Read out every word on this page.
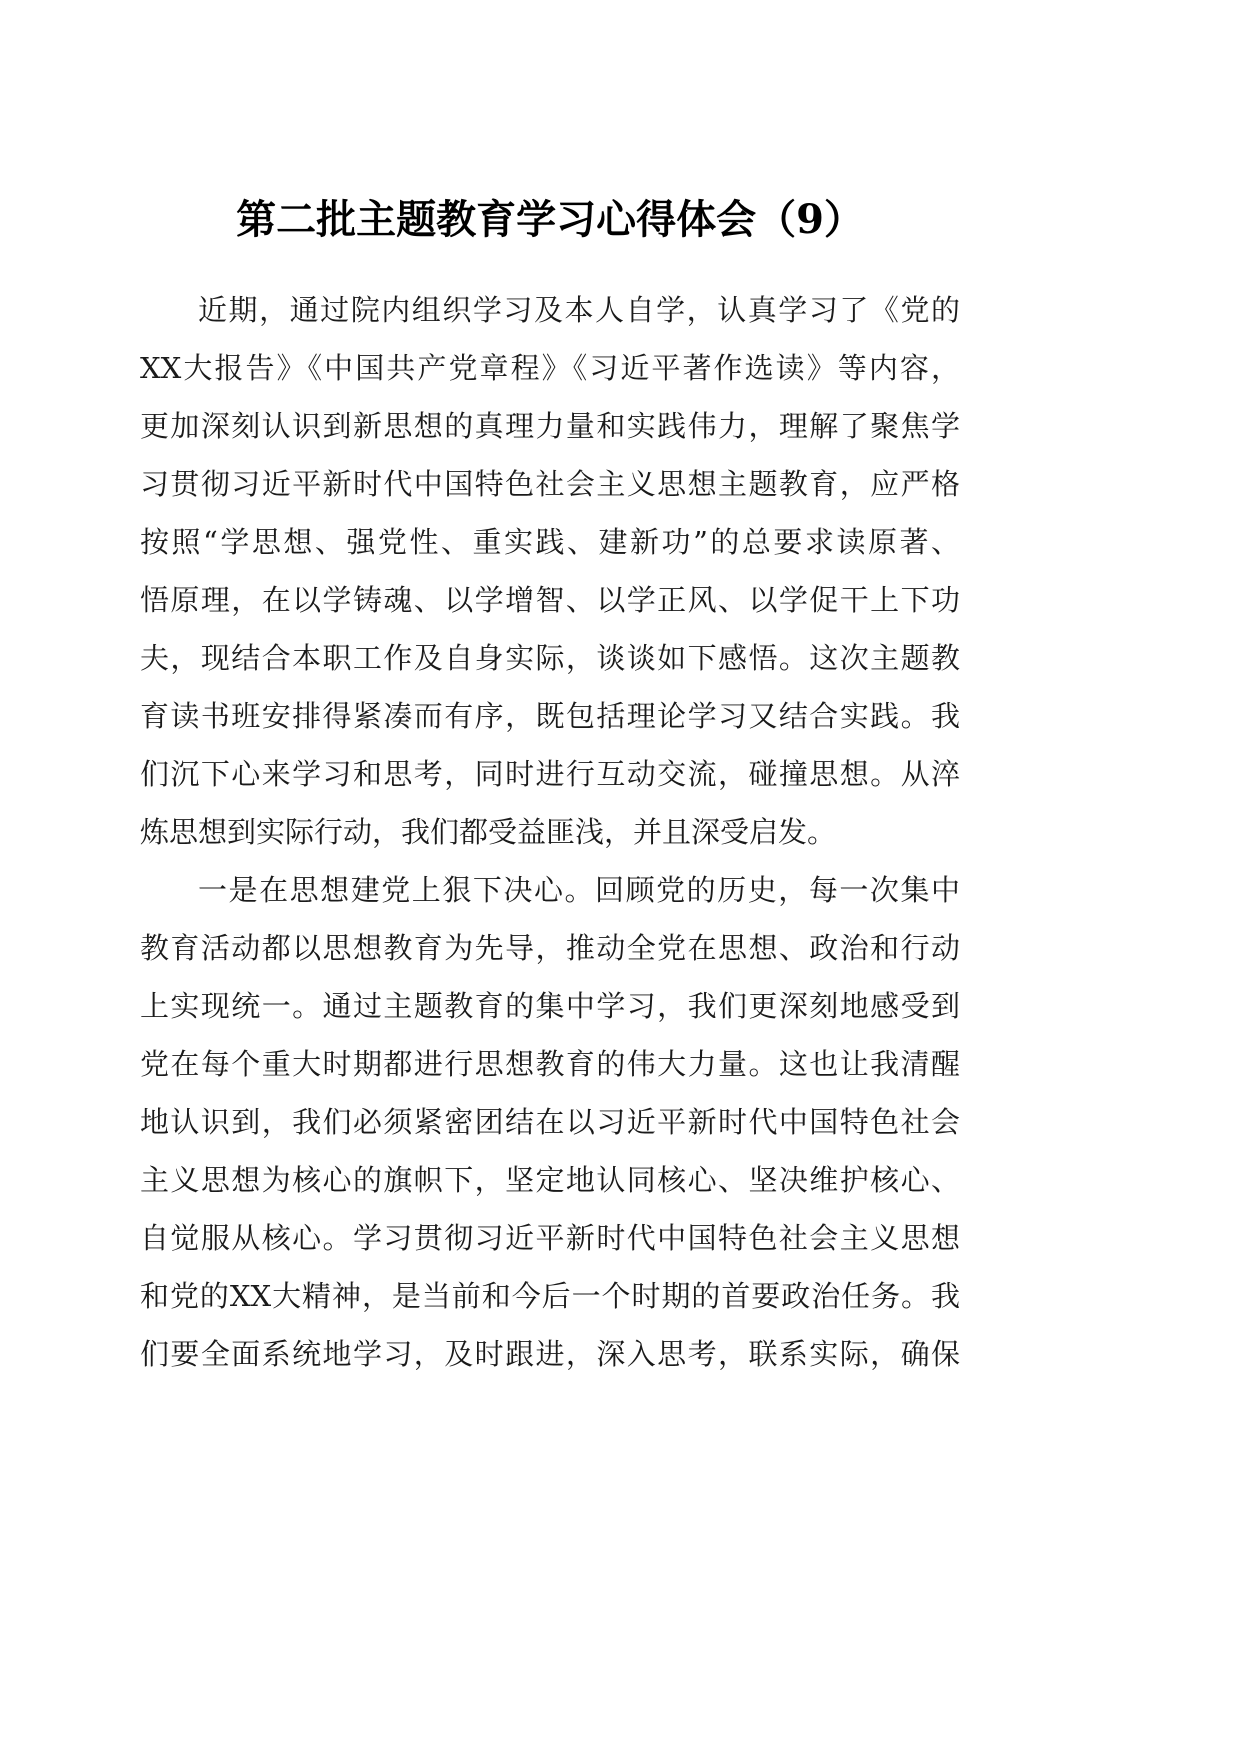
第二批主题教育学习心得体会（9）
近期，通过院内组织学习及本人自学，认真学习了《党的
XX大报告》《中国共产党章程》《习近平著作选读》等内容，
更加深刻认识到新思想的真理力量和实践伟力，理解了聚焦学
习贯彻习近平新时代中国特色社会主义思想主题教育，应严格
按照“学思想、强党性、重实践、建新功”的总要求读原著、
悟原理，在以学铸魂、以学增智、以学正风、以学促干上下功
夫，现结合本职工作及自身实际，谈谈如下感悟。这次主题教
育读书班安排得紧凑而有序，既包括理论学习又结合实践。我
们沉下心来学习和思考，同时进行互动交流，碰撞思想。从淬
炼思想到实际行动，我们都受益匪浅，并且深受启发。
一是在思想建党上狠下决心。回顾党的历史，每一次集中
教育活动都以思想教育为先导，推动全党在思想、政治和行动
上实现统一。通过主题教育的集中学习，我们更深刻地感受到
党在每个重大时期都进行思想教育的伟大力量。这也让我清醒
地认识到，我们必须紧密团结在以习近平新时代中国特色社会
主义思想为核心的旗帜下，坚定地认同核心、坚决维护核心、
自觉服从核心。学习贯彻习近平新时代中国特色社会主义思想
和党的XX大精神，是当前和今后一个时期的首要政治任务。我
们要全面系统地学习，及时跟进，深入思考，联系实际，确保
